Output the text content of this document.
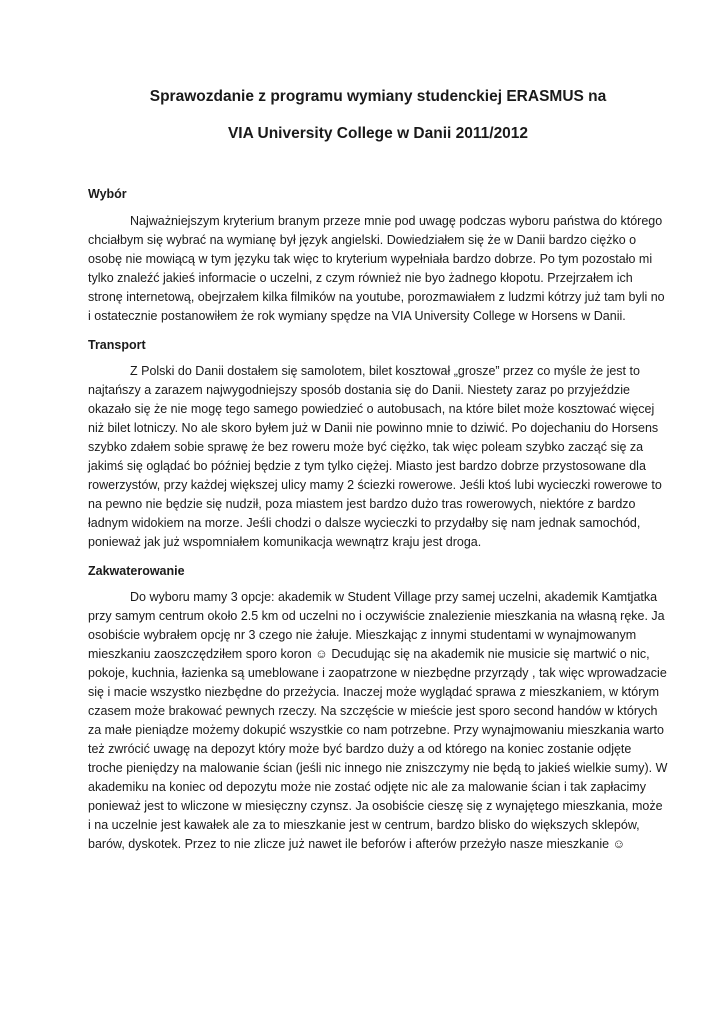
Sprawozdanie z programu wymiany studenckiej ERASMUS na

VIA University College w Danii 2011/2012

Wybór

Najważniejszym kryterium branym przeze mnie pod uwagę podczas wyboru państwa do którego chciałbym się wybrać na wymianę był język angielski. Dowiedziałem się że w Danii bardzo ciężko o osobę nie mowiącą w tym języku tak więc to kryterium wypełniała bardzo dobrze. Po tym pozostało mi tylko znaleźć jakieś informacie o uczelni, z czym również nie byo żadnego kłopotu. Przejrzałem ich stronę internetową, obejrzałem kilka filmików na youtube, porozmawiałem z ludzmi kótrzy już tam byli no i ostatecznie postanowiłem że rok wymiany spędze na VIA University College w Horsens w Danii.

Transport

Z Polski do Danii dostałem się samolotem, bilet kosztował „grosze” przez co myśle że jest to najtańszy a zarazem najwygodniejszy sposób dostania się do Danii. Niestety zaraz po przyjeździe okazało się że nie mogę tego samego powiedzieć o autobusach, na które bilet może kosztować więcej niż bilet lotniczy. No ale skoro byłem już w Danii nie powinno mnie to dziwić. Po dojechaniu do Horsens szybko zdałem sobie sprawę że bez roweru może być ciężko, tak więc poleam szybko zacząć się za jakimś się oglądać bo później będzie z tym tylko ciężej. Miasto jest bardzo dobrze przystosowane dla rowerzystów, przy każdej większej ulicy mamy 2 ściezki rowerowe. Jeśli ktoś lubi wycieczki rowerowe to na pewno nie będzie się nudził, poza miastem jest bardzo dużo tras rowerowych, niektóre z bardzo ładnym widokiem na morze. Jeśli chodzi o dalsze wycieczki to przydałby się nam jednak samochód, ponieważ jak już wspomniałem komunikacja wewnątrz kraju jest droga.

Zakwaterowanie

Do wyboru mamy 3 opcje: akademik w Student Village przy samej uczelni, akademik Kamtjatka przy samym centrum około 2.5 km od uczelni no i oczywiście znalezienie mieszkania na własną ręke. Ja osobiście wybrałem opcję nr 3 czego nie żałuje. Mieszkając z innymi studentami w wynajmowanym mieszkaniu zaoszczędziłem sporo koron ☺ Decudując się na akademik nie musicie się martwić o nic, pokoje, kuchnia, łazienka są umeblowane i zaopatrzone w niezbędne przyrządy , tak więc wprowadzacie się i macie wszystko niezbędne do przeżycia. Inaczej może wyglądać sprawa z mieszkaniem, w którym czasem może brakować pewnych rzeczy. Na szczęście w mieście jest sporo second handów w których za małe pieniądze możemy dokupić wszystkie co nam potrzebne. Przy wynajmowaniu mieszkania warto też zwrócić uwagę na depozyt który może być bardzo duży a od którego na koniec zostanie odjęte troche pieniędzy na malowanie ścian (jeśli nic innego nie zniszczymy nie będą to jakieś wielkie sumy). W akademiku na koniec od depozytu może nie zostać odjęte nic ale za malowanie ścian i tak zapłacimy ponieważ jest to wliczone w miesięczny czynsz. Ja osobiście cieszę się z wynajętego mieszkania, może i na uczelnie jest kawałek ale za to mieszkanie jest w centrum, bardzo blisko do większych sklepów, barów, dyskotek. Przez to nie zlicze już nawet ile beforów i afterów przeżyło nasze mieszkanie ☺
